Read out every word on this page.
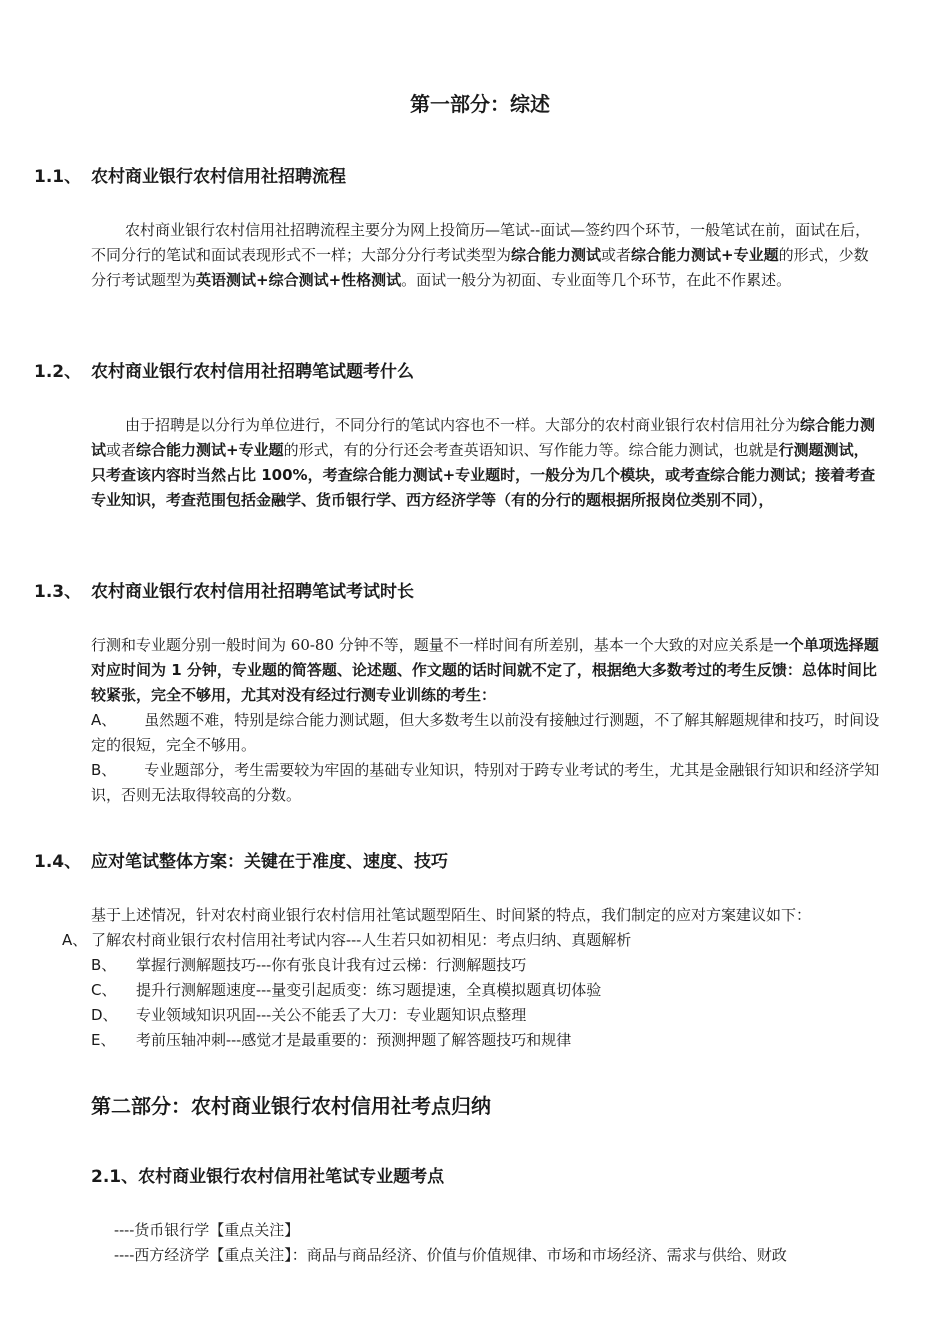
第一部分：综述
1.1、 农村商业银行农村信用社招聘流程
农村商业银行农村信用社招聘流程主要分为网上投简历—笔试--面试—签约四个环节，一般笔试在前，面试在后，不同分行的笔试和面试表现形式不一样；大部分分行考试类型为综合能力测试或者综合能力测试+专业题的形式，少数分行考试题型为英语测试+综合测试+性格测试。面试一般分为初面、专业面等几个环节，在此不作累述。
1.2、 农村商业银行农村信用社招聘笔试题考什么
由于招聘是以分行为单位进行，不同分行的笔试内容也不一样。大部分的农村商业银行农村信用社分为综合能力测试或者综合能力测试+专业题的形式，有的分行还会考查英语知识、写作能力等。综合能力测试，也就是行测题测试，只考查该内容时当然占比 100%，考查综合能力测试+专业题时，一般分为几个模块，或考查综合能力测试；接着考查专业知识，考查范围包括金融学、货币银行学、西方经济学等（有的分行的题根据所报岗位类别不同），
1.3、 农村商业银行农村信用社招聘笔试考试时长
行测和专业题分别一般时间为 60-80 分钟不等，题量不一样时间有所差别，基本一个大致的对应关系是一个单项选择题对应时间为 1 分钟，专业题的简答题、论述题、作文题的话时间就不定了，根据绝大多数考过的考生反馈：总体时间比较紧张，完全不够用，尤其对没有经过行测专业训练的考生：
A、 虽然题不难，特别是综合能力测试题，但大多数考生以前没有接触过行测题，不了解其解题规律和技巧，时间设定的很短，完全不够用。
B、 专业题部分，考生需要较为牢固的基础专业知识，特别对于跨专业考试的考生，尤其是金融银行知识和经济学知识，否则无法取得较高的分数。
1.4、 应对笔试整体方案：关键在于准度、速度、技巧
基于上述情况，针对农村商业银行农村信用社笔试题型陌生、时间紧的特点，我们制定的应对方案建议如下：
A、 了解农村商业银行农村信用社考试内容---人生若只如初相见：考点归纳、真题解析
B、 掌握行测解题技巧---你有张良计我有过云梯：行测解题技巧
C、 提升行测解题速度---量变引起质变：练习题提速，全真模拟题真切体验
D、 专业领域知识巩固---关公不能丢了大刀：专业题知识点整理
E、 考前压轴冲刺---感觉才是最重要的：预测押题了解答题技巧和规律
第二部分：农村商业银行农村信用社考点归纳
2.1、农村商业银行农村信用社笔试专业题考点
----货币银行学【重点关注】
----西方经济学【重点关注】：商品与商品经济、价值与价值规律、市场和市场经济、需求与供给、财政
